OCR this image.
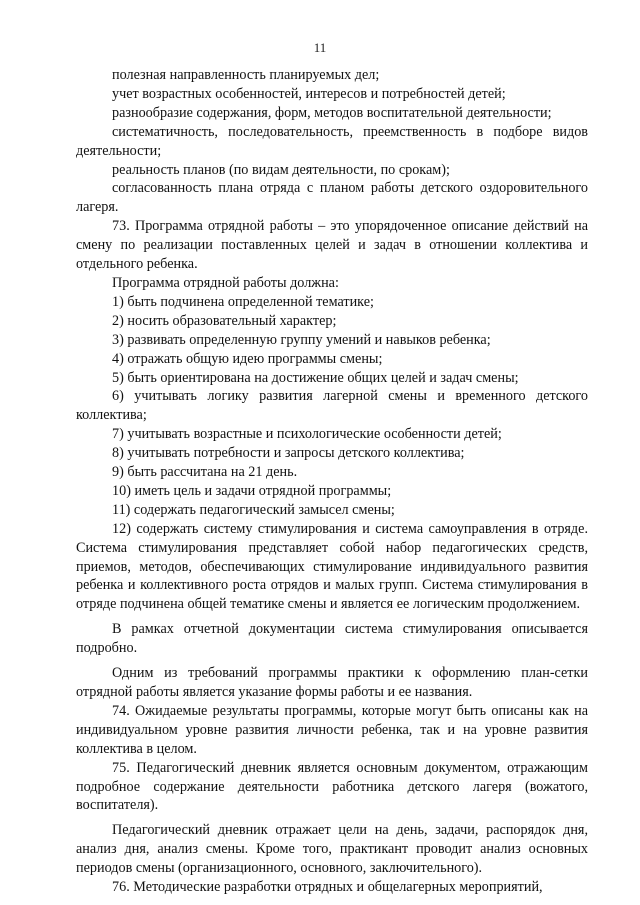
11

полезная направленность планируемых дел;

учет возрастных особенностей, интересов и потребностей детей;

разнообразие содержания, форм, методов воспитательной деятельности;

систематичность, последовательность, преемственность в подборе видов деятельности;

реальность планов (по видам деятельности, по срокам);

согласованность плана отряда с планом работы детского оздоровительного лагеря.

73. Программа отрядной работы – это упорядоченное описание действий на смену по реализации поставленных целей и задач в отношении коллектива и отдельного ребенка.

Программа отрядной работы должна:

1) быть подчинена определенной тематике;

2) носить образовательный характер;

3) развивать определенную группу умений и навыков ребенка;

4) отражать общую идею программы смены;

5) быть ориентирована на достижение общих целей и задач смены;

6) учитывать логику развития лагерной смены и временного детского коллектива;

7) учитывать возрастные и психологические особенности детей;

8) учитывать потребности и запросы детского коллектива;

9) быть рассчитана на 21 день.

10) иметь цель и задачи отрядной программы;

11) содержать педагогический замысел смены;

12) содержать систему стимулирования и система самоуправления в отряде. Система стимулирования представляет собой набор педагогических средств, приемов, методов, обеспечивающих стимулирование индивидуального развития ребенка и коллективного роста отрядов и малых групп. Система стимулирования в отряде подчинена общей тематике смены и является ее логическим продолжением.

В рамках отчетной документации система стимулирования описывается подробно.

Одним из требований программы практики к оформлению план-сетки отрядной работы является указание формы работы и ее названия.

74. Ожидаемые результаты программы, которые могут быть описаны как на индивидуальном уровне развития личности ребенка, так и на уровне развития коллектива в целом.

75. Педагогический дневник является основным документом, отражающим подробное содержание деятельности работника детского лагеря (вожатого, воспитателя).

Педагогический дневник отражает цели на день, задачи, распорядок дня, анализ дня, анализ смены. Кроме того, практикант проводит анализ основных периодов смены (организационного, основного, заключительного).

76. Методические разработки отрядных и общелагерных мероприятий,
